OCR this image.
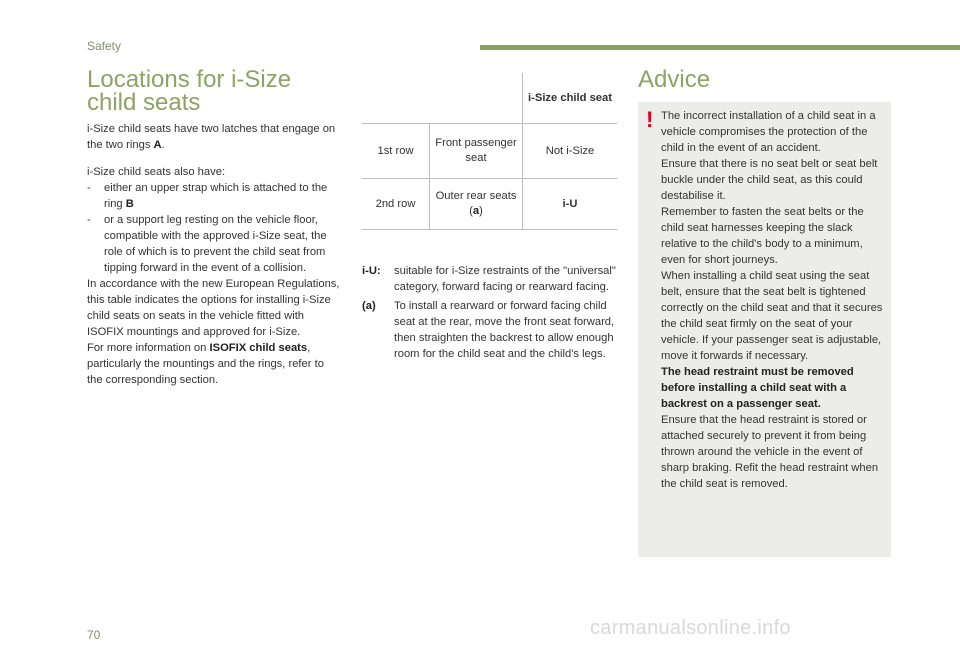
Safety
Locations for i-Size child seats
i-Size child seats have two latches that engage on the two rings A.
i-Size child seats also have:
- either an upper strap which is attached to the ring B
- or a support leg resting on the vehicle floor, compatible with the approved i-Size seat, the role of which is to prevent the child seat from tipping forward in the event of a collision.
In accordance with the new European Regulations, this table indicates the options for installing i-Size child seats on seats in the vehicle fitted with ISOFIX mountings and approved for i-Size.
For more information on ISOFIX child seats, particularly the mountings and the rings, refer to the corresponding section.
		i-Size child seat
1st row	Front passenger seat	Not i-Size
2nd row	Outer rear seats (a)	i-U
i-U: suitable for i-Size restraints of the "universal" category, forward facing or rearward facing.
(a) To install a rearward or forward facing child seat at the rear, move the front seat forward, then straighten the backrest to allow enough room for the child seat and the child's legs.
Advice
! The incorrect installation of a child seat in a vehicle compromises the protection of the child in the event of an accident.
Ensure that there is no seat belt or seat belt buckle under the child seat, as this could destabilise it.
Remember to fasten the seat belts or the child seat harnesses keeping the slack relative to the child's body to a minimum, even for short journeys.
When installing a child seat using the seat belt, ensure that the seat belt is tightened correctly on the child seat and that it secures the child seat firmly on the seat of your vehicle. If your passenger seat is adjustable, move it forwards if necessary.
The head restraint must be removed before installing a child seat with a backrest on a passenger seat.
Ensure that the head restraint is stored or attached securely to prevent it from being thrown around the vehicle in the event of sharp braking. Refit the head restraint when the child seat is removed.
70	carmanualsonline.info
